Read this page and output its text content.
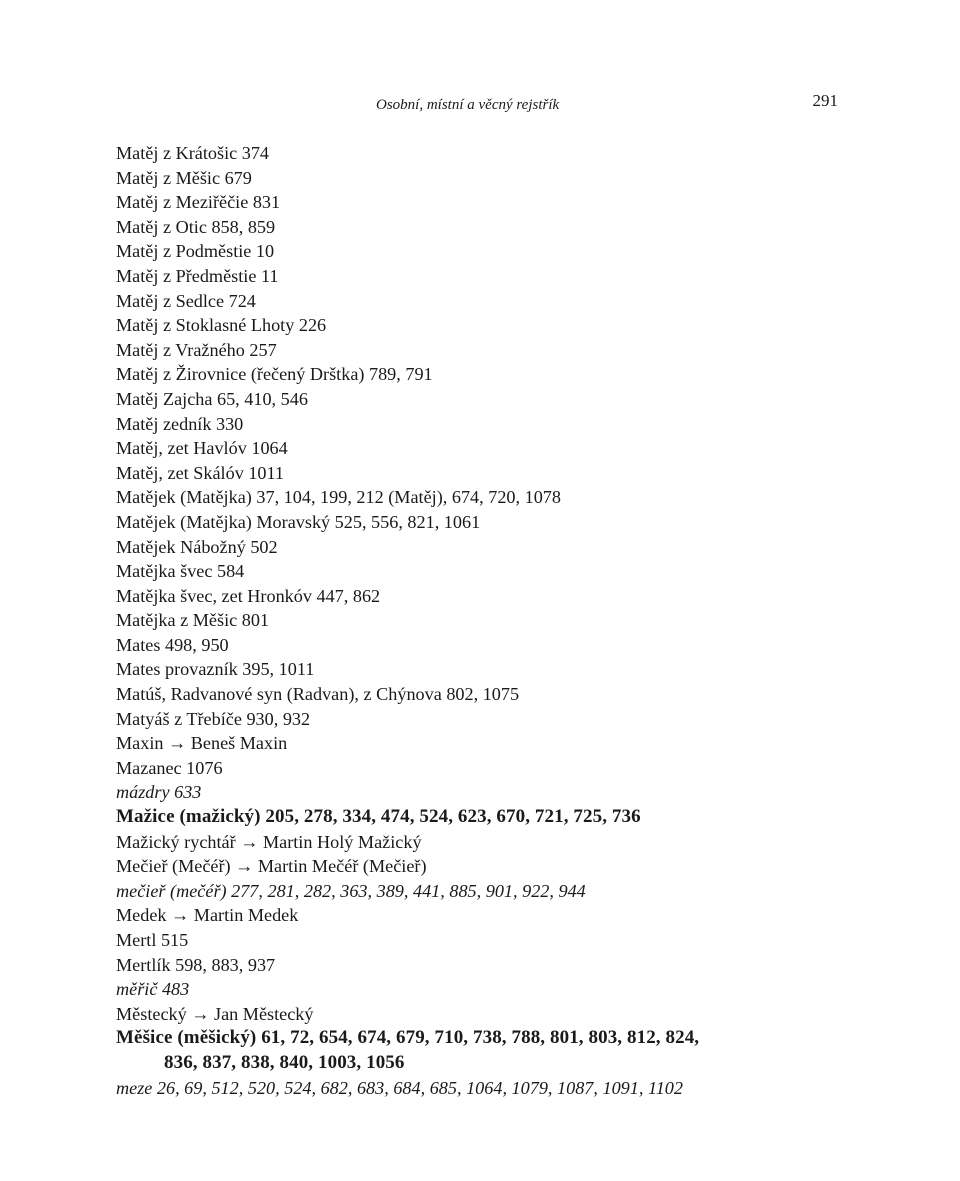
Osobní, místní a věcný rejstřík	291
Matěj z Krátošic 374
Matěj z Měšic 679
Matěj z Meziřěčie 831
Matěj z Otic 858, 859
Matěj z Podměstie 10
Matěj z Předměstie 11
Matěj z Sedlce 724
Matěj z Stoklasné Lhoty 226
Matěj z Vražného 257
Matěj z Žirovnice (řečený Drštka) 789, 791
Matěj Zajcha 65, 410, 546
Matěj zedník 330
Matěj, zet Havlóv 1064
Matěj, zet Skálóv 1011
Matějek (Matějka) 37, 104, 199, 212 (Matěj), 674, 720, 1078
Matějek (Matějka) Moravský 525, 556, 821, 1061
Matějek Nábožný 502
Matějka švec 584
Matějka švec, zet Hronkóv 447, 862
Matějka z Měšic 801
Mates 498, 950
Mates provazník 395, 1011
Matúš, Radvanové syn (Radvan), z Chýnova 802, 1075
Matyáš z Třebíče 930, 932
Maxin → Beneš Maxin
Mazanec 1076
mázdry 633
Mažice (mažický) 205, 278, 334, 474, 524, 623, 670, 721, 725, 736
Mažický rychtář → Martin Holý Mažický
Mečieř (Mečéř) → Martin Mečéř (Mečieř)
mečieř (mečéř) 277, 281, 282, 363, 389, 441, 885, 901, 922, 944
Medek → Martin Medek
Mertl 515
Mertlík 598, 883, 937
měřič 483
Městecký → Jan Městecký
Měšice (měšický) 61, 72, 654, 674, 679, 710, 738, 788, 801, 803, 812, 824,
836, 837, 838, 840, 1003, 1056
meze 26, 69, 512, 520, 524, 682, 683, 684, 685, 1064, 1079, 1087, 1091, 1102
